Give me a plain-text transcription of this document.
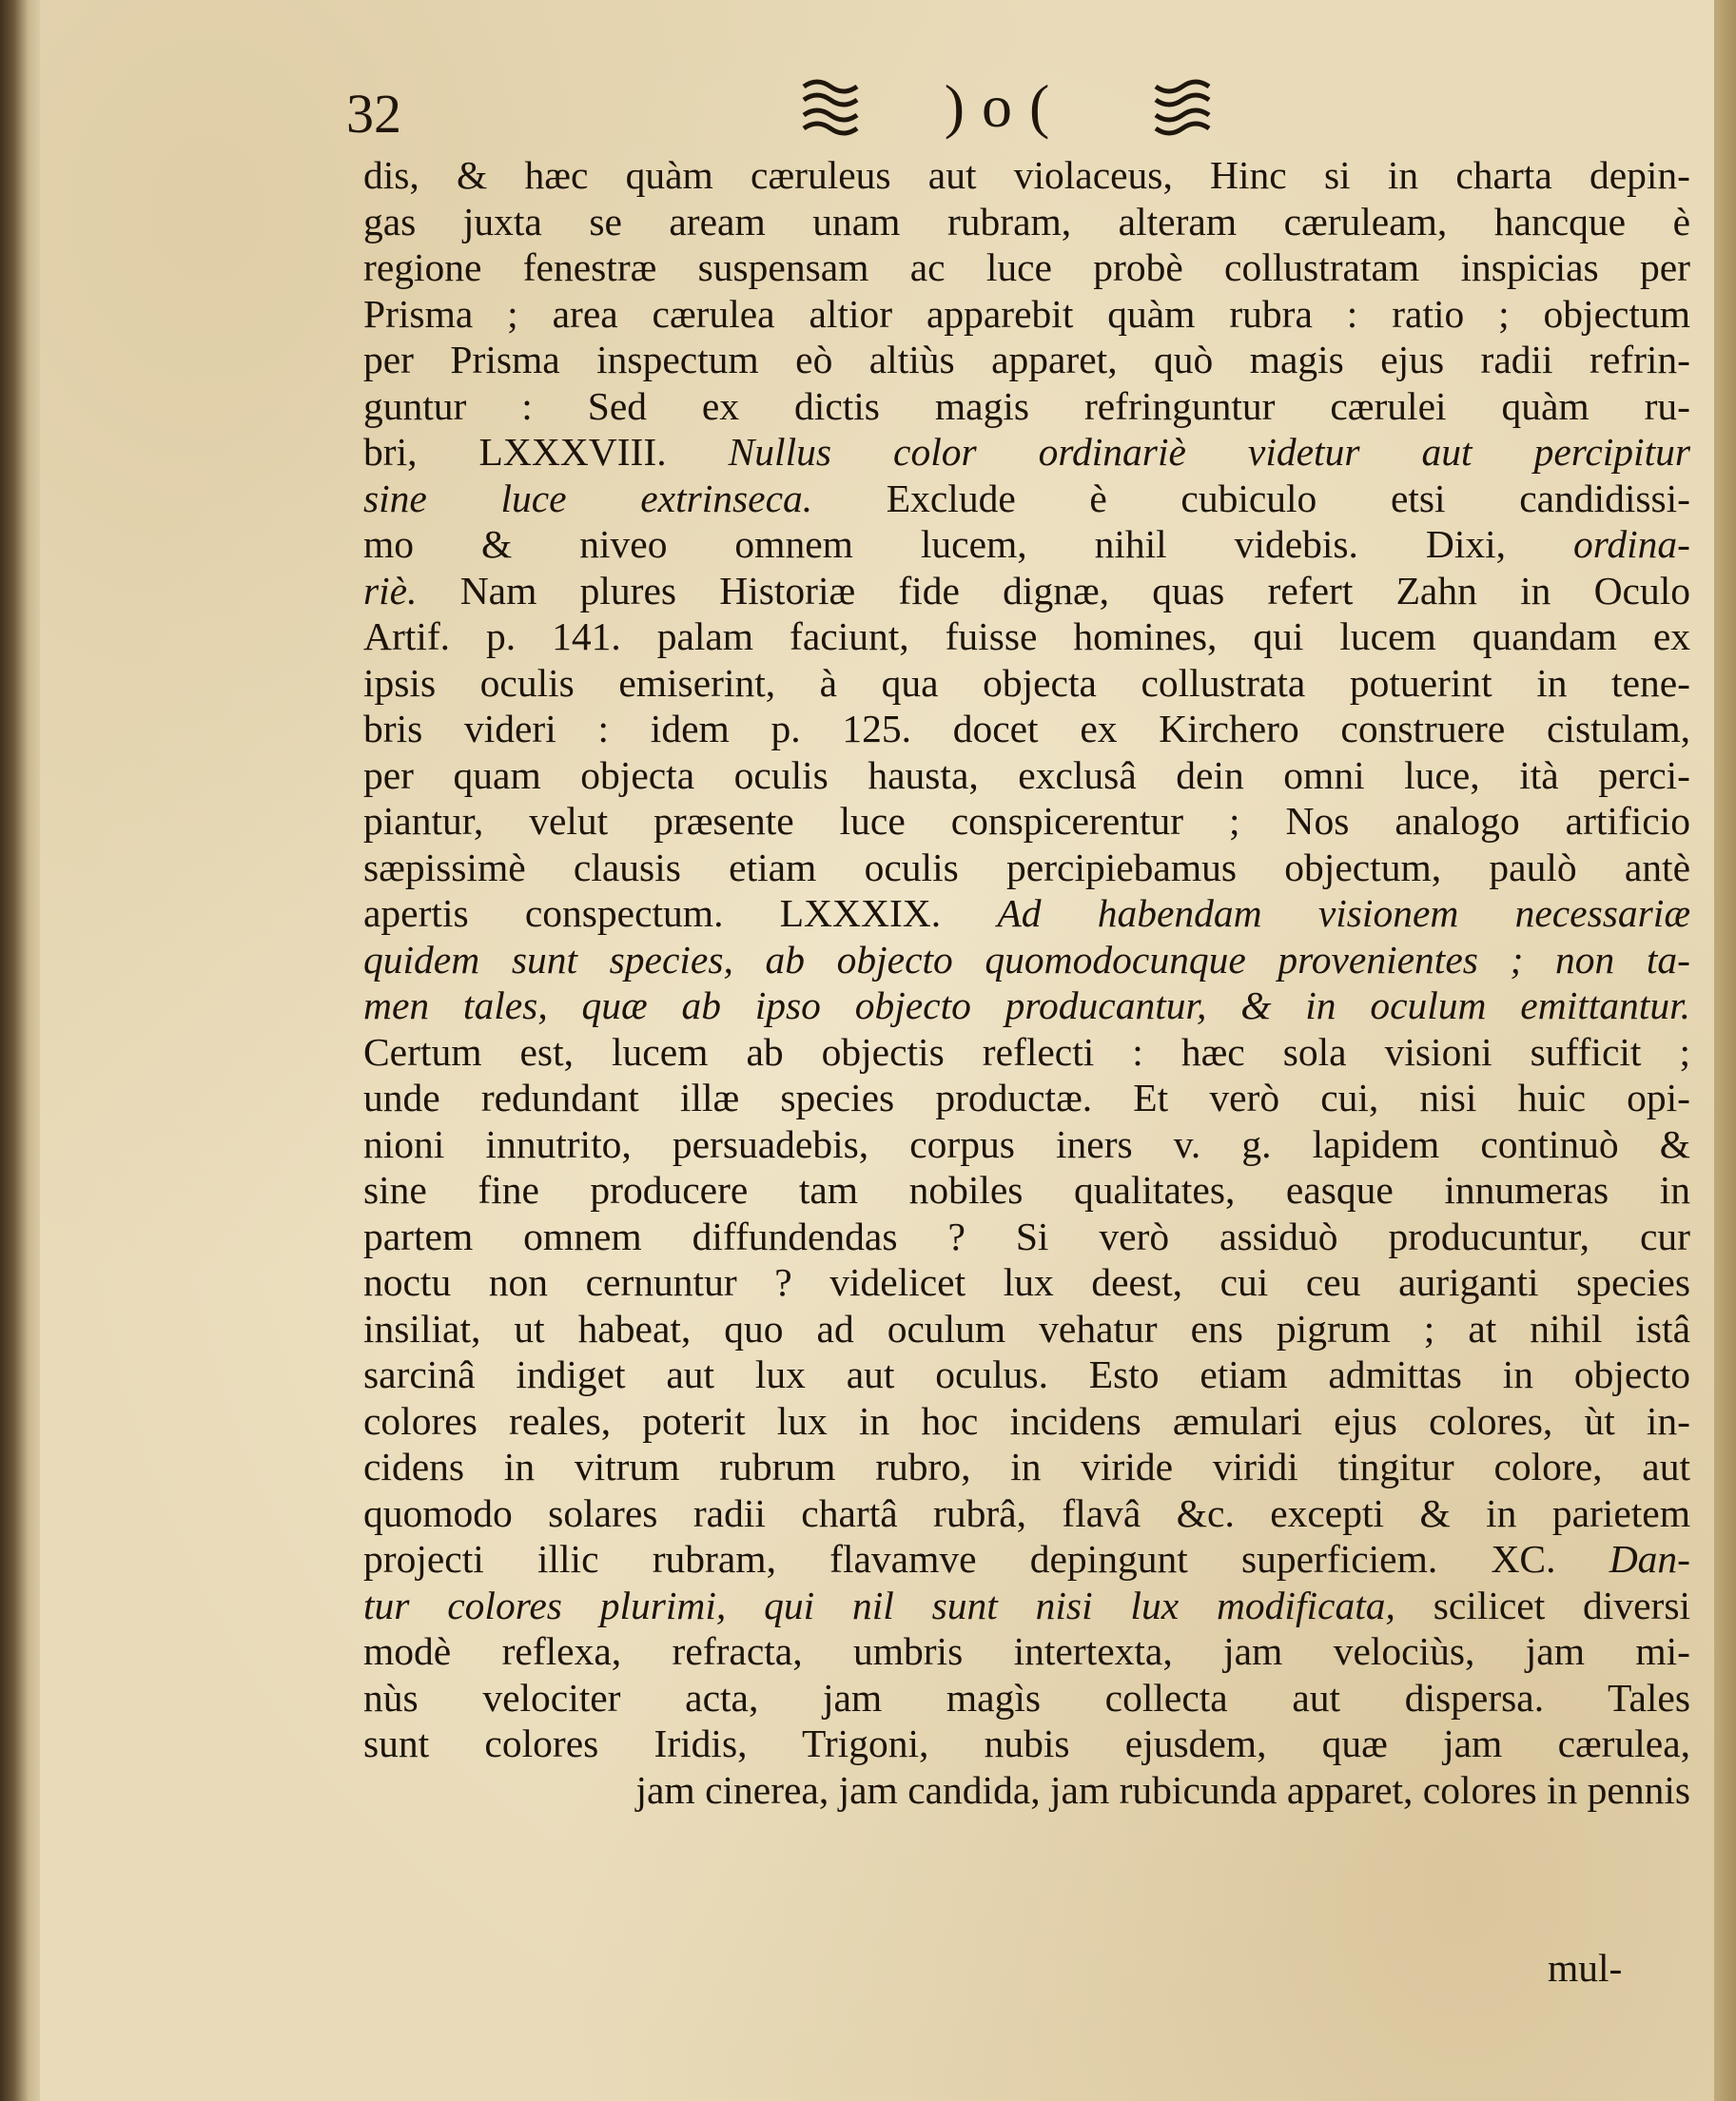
32	)o(
dis, & hæc quàm cæruleus aut violaceus, Hinc si in charta depin-
gas juxta se aream unam rubram, alteram cæruleam, hancque è
regione fenestræ suspensam ac luce probè collustratam inspicias per
Prisma ; area cærulea altior apparebit quàm rubra : ratio ; objectum
per Prisma inspectum eò altiùs apparet, quò magis ejus radii refrin-
guntur : Sed ex dictis magis refringuntur cærulei quàm ru-
bri, LXXXVIII. Nullus color ordinariè videtur aut percipitur
sine luce extrinseca. Exclude è cubiculo etsi candidissi-
mo & niveo omnem lucem, nihil videbis. Dixi, ordina-
riè. Nam plures Historiæ fide dignæ, quas refert Zahn in Oculo
Artif. p. 141. palam faciunt, fuisse homines, qui lucem quandam ex
ipsis oculis emiserint, à qua objecta collustrata potuerint in tene-
bris videri : idem p. 125. docet ex Kirchero construere cistulam,
per quam objecta oculis hausta, exclusâ dein omni luce, ità perci-
piantur, velut præsente luce conspicerentur ; Nos analogo artificio
sæpissimè clausis etiam oculis percipiebamus objectum, paulò antè
apertis conspectum. LXXXIX. Ad habendam visionem necessariæ
quidem sunt species, ab objecto quomodocunque provenientes ; non ta-
men tales, quæ ab ipso objecto producantur, & in oculum emittantur.
Certum est, lucem ab objectis reflecti : hæc sola visioni sufficit ;
unde redundant illæ species productæ. Et verò cui, nisi huic opi-
nioni innutrito, persuadebis, corpus iners v. g. lapidem continuò &
sine fine producere tam nobiles qualitates, easque innumeras in
partem omnem diffundendas ? Si verò assiduò producuntur, cur
noctu non cernuntur ? videlicet lux deest, cui ceu auriganti species
insiliat, ut habeat, quo ad oculum vehatur ens pigrum ; at nihil istâ
sarcinâ indiget aut lux aut oculus. Esto etiam admittas in objecto
colores reales, poterit lux in hoc incidens æmulari ejus colores, ùt in-
cidens in vitrum rubrum rubro, in viride viridi tingitur colore, aut
quomodo solares radii chartâ rubrâ, flavâ &c. excepti & in parietem
projecti illic rubram, flavamve depingunt superficiem. XC. Dan-
tur colores plurimi, qui nil sunt nisi lux modificata, scilicet diversi
modè reflexa, refracta, umbris intertexta, jam velociùs, jam mi-
nùs velociter acta, jam magìs collecta aut dispersa. Tales
sunt colores Iridis, Trigoni, nubis ejusdem, quæ jam cærulea,
jam cinerea, jam candida, jam rubicunda apparet, colores in pennis
mul-
